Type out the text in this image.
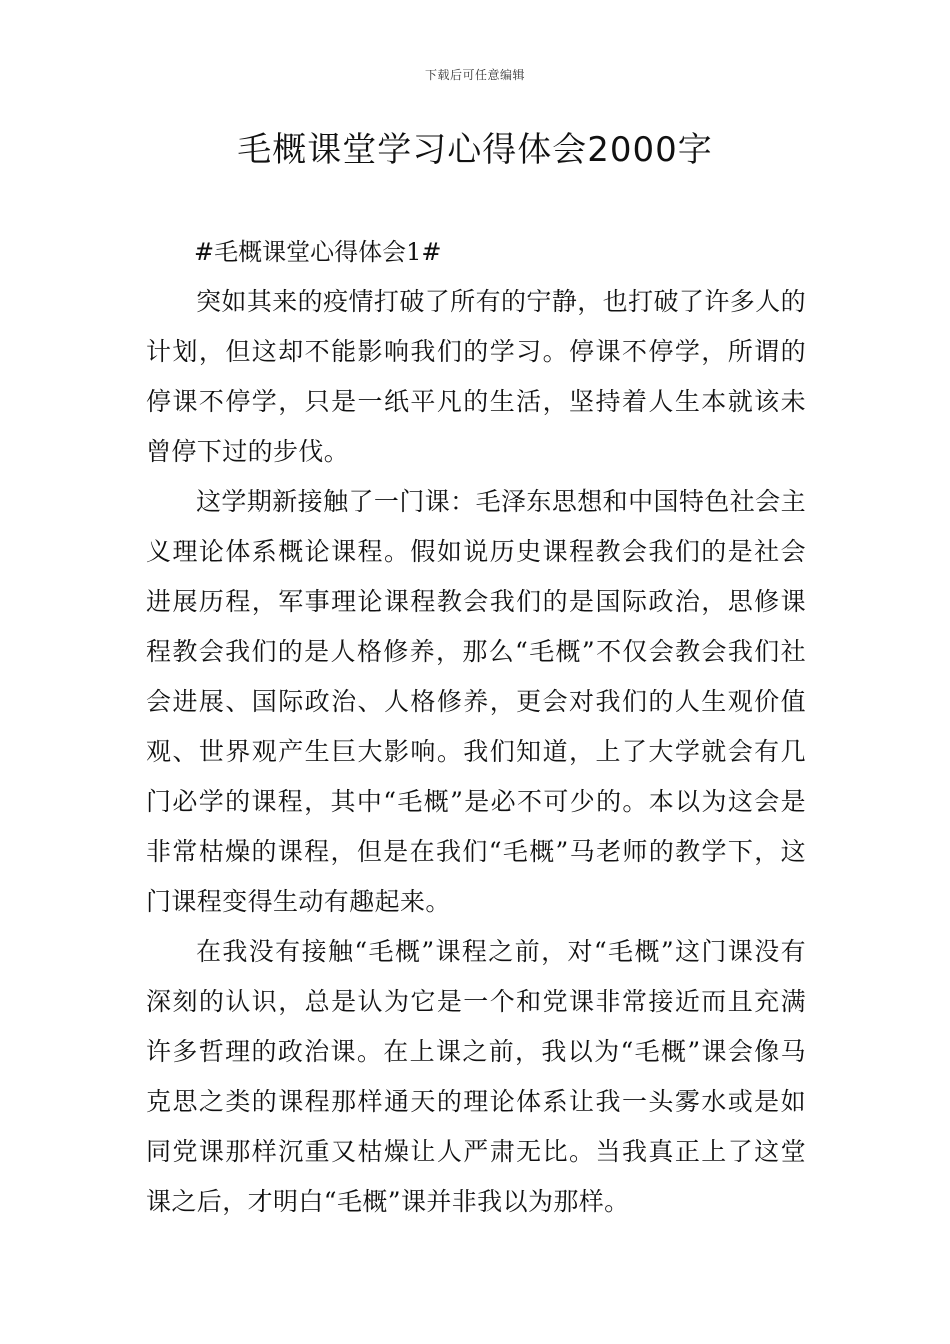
下载后可任意编辑
毛概课堂学习心得体会2000字

#毛概课堂心得体会1#

突如其来的疫情打破了所有的宁静，也打破了许多人的计划，但这却不能影响我们的学习。停课不停学，所谓的停课不停学，只是一纸平凡的生活，坚持着人生本就该未曾停下过的步伐。

这学期新接触了一门课：毛泽东思想和中国特色社会主义理论体系概论课程。假如说历史课程教会我们的是社会进展历程，军事理论课程教会我们的是国际政治，思修课程教会我们的是人格修养，那么“毛概”不仅会教会我们社会进展、国际政治、人格修养，更会对我们的人生观价值观、世界观产生巨大影响。我们知道，上了大学就会有几门必学的课程，其中“毛概”是必不可少的。本以为这会是非常枯燥的课程，但是在我们“毛概”马老师的教学下，这门课程变得生动有趣起来。

在我没有接触“毛概”课程之前，对“毛概”这门课没有深刻的认识，总是认为它是一个和党课非常接近而且充满许多哲理的政治课。在上课之前，我以为“毛概”课会像马克思之类的课程那样通天的理论体系让我一头雾水或是如同党课那样沉重又枯燥让人严肃无比。当我真正上了这堂课之后，才明白“毛概”课并非我以为那样。
